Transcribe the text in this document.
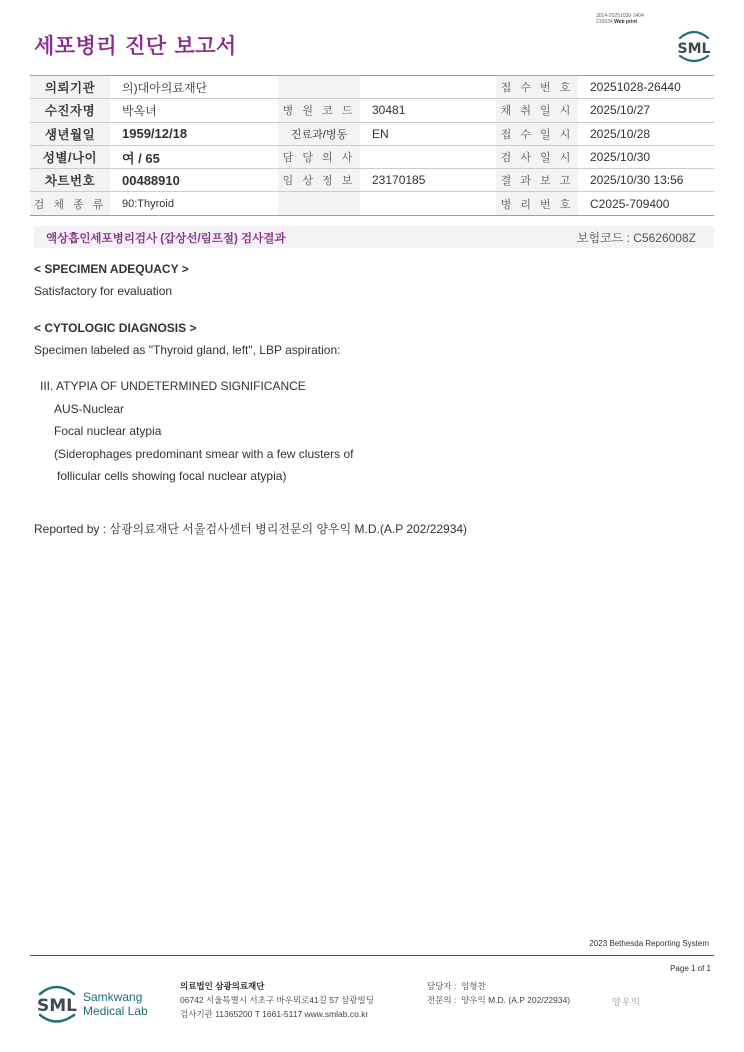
세포병리 진단 보고서
3014-20251030-1404
210034 Web print
SML
의뢰기관	의)대아의료재단			접 수 번 호	20251028-26440
수진자명	박옥녀	병 원 코 드	30481	채 취 일 시	2025/10/27
생년월일	1959/12/18	진료과/병동	EN	접 수 일 시	2025/10/28
성별/나이	여 / 65	담 당 의 사		검 사 일 시	2025/10/30
차트번호	00488910	임 상 정 보	23170185	결 과 보 고	2025/10/30 13:56
검 체 종 류	90:Thyroid			병 리 번 호	C2025-709400
액상흡인세포병리검사 (갑상선/림프절) 검사결과	보험코드 : C5626008Z
< SPECIMEN ADEQUACY >
Satisfactory for evaluation
< CYTOLOGIC DIAGNOSIS >
Specimen labeled as "Thyroid gland, left", LBP aspiration:
III. ATYPIA OF UNDETERMINED SIGNIFICANCE
AUS-Nuclear
Focal nuclear atypia
(Siderophages predominant smear with a few clusters of
follicular cells showing focal nuclear atypia)
Reported by : 삼광의료재단 서울검사센터 병리전문의 양우익 M.D.(A.P 202/22934)
2023 Bethesda Reporting System
Page 1 of 1
SML Samkwang
Medical Lab
의료법인 삼광의료재단
06742 서울특별시 서초구 바우뫼로41길 57 삼광빌딩
검사기관 11365200 T 1661-5117 www.smlab.co.kr
담당자 : 임형찬
전문의 : 양우익 M.D. (A.P 202/22934)	양우익
